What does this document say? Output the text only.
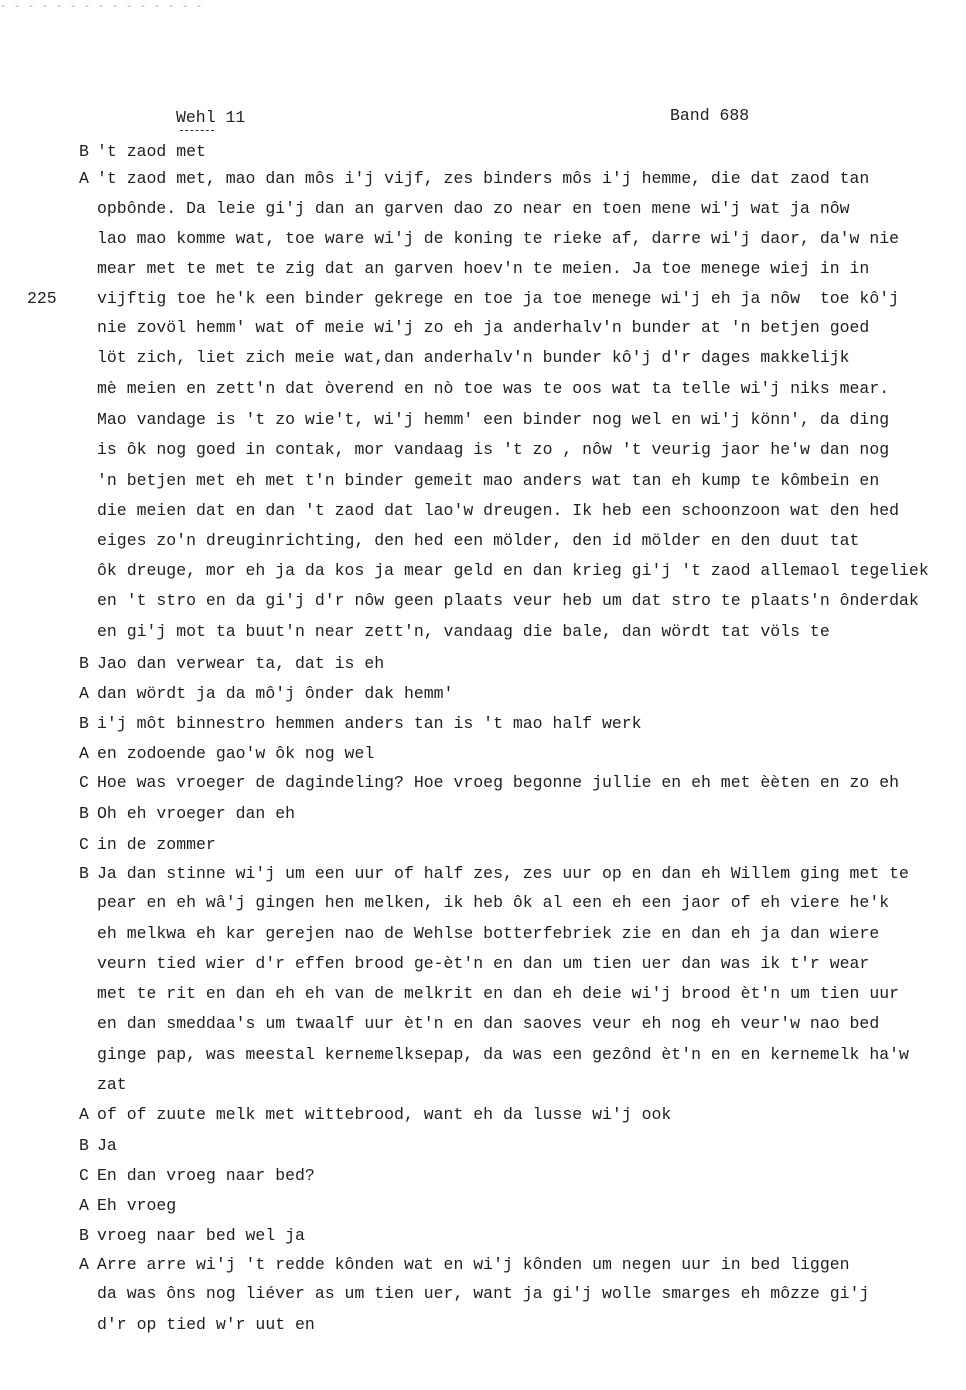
- - - - - - - - - - - - - - -
Wehl 11	Band 688
225
B 't zaod met
A 't zaod met, mao dan môs i'j vijf, zes binders môs i'j hemme, die dat zaod tan
opbônde. Da leie gi'j dan an garven dao zo near en toen mene wi'j wat ja nôw
lao mao komme wat, toe ware wi'j de koning te rieke af, darre wi'j daor, da'w nie
mear met te met te zig dat an garven hoev'n te meien. Ja toe menege wiej in in
vijftig toe he'k een binder gekrege en toe ja toe menege wi'j eh ja nôw  toe kô'j
nie zovöl hemm' wat of meie wi'j zo eh ja anderhalv'n bunder at 'n betjen goed
löt zich, liet zich meie wat,dan anderhalv'n bunder kô'j d'r dages makkelijk
mè meien en zett'n dat òverend en nò toe was te oos wat ta telle wi'j niks mear.
Mao vandage is 't zo wie't, wi'j hemm' een binder nog wel en wi'j könn', da ding
is ôk nog goed in contak, mor vandaag is 't zo , nôw 't veurig jaor he'w dan nog
'n betjen met eh met t'n binder gemeit mao anders wat tan eh kump te kômbein en
die meien dat en dan 't zaod dat lao'w dreugen. Ik heb een schoonzoon wat den hed
eiges zo'n dreuginrichting, den hed een mölder, den id mölder en den duut tat
ôk dreuge, mor eh ja da kos ja mear geld en dan krieg gi'j 't zaod allemaol tegeliek
en 't stro en da gi'j d'r nôw geen plaats veur heb um dat stro te plaats'n ônderdak
en gi'j mot ta buut'n near zett'n, vandaag die bale, dan wördt tat völs te
B Jao dan verwear ta, dat is eh
A dan wördt ja da mô'j ônder dak hemm'
B i'j môt binnestro hemmen anders tan is 't mao half werk
A en zodoende gao'w ôk nog wel
C Hoe was vroeger de dagindeling? Hoe vroeg begonne jullie en eh met èèten en zo eh
B Oh eh vroeger dan eh
C in de zommer
B Ja dan stinne wi'j um een uur of half zes, zes uur op en dan eh Willem ging met te
pear en eh wâ'j gingen hen melken, ik heb ôk al een eh een jaor of eh viere he'k
eh melkwa eh kar gerejen nao de Wehlse botterfebriek zie en dan eh ja dan wiere
veurn tied wier d'r effen brood ge-èt'n en dan um tien uer dan was ik t'r wear
met te rit en dan eh eh van de melkrit en dan eh deie wi'j brood èt'n um tien uur
en dan smeddaa's um twaalf uur èt'n en dan saoves veur eh nog eh veur'w nao bed
ginge pap, was meestal kernemelksepap, da was een gezônd èt'n en en kernemelk ha'w
zat
A of of zuute melk met wittebrood, want eh da lusse wi'j ook
B Ja
C En dan vroeg naar bed?
A Eh vroeg
B vroeg naar bed wel ja
A Arre arre wi'j 't redde kônden wat en wi'j kônden um negen uur in bed liggen
da was ôns nog liéver as um tien uer, want ja gi'j wolle smarges eh môzze gi'j
d'r op tied w'r uut en
